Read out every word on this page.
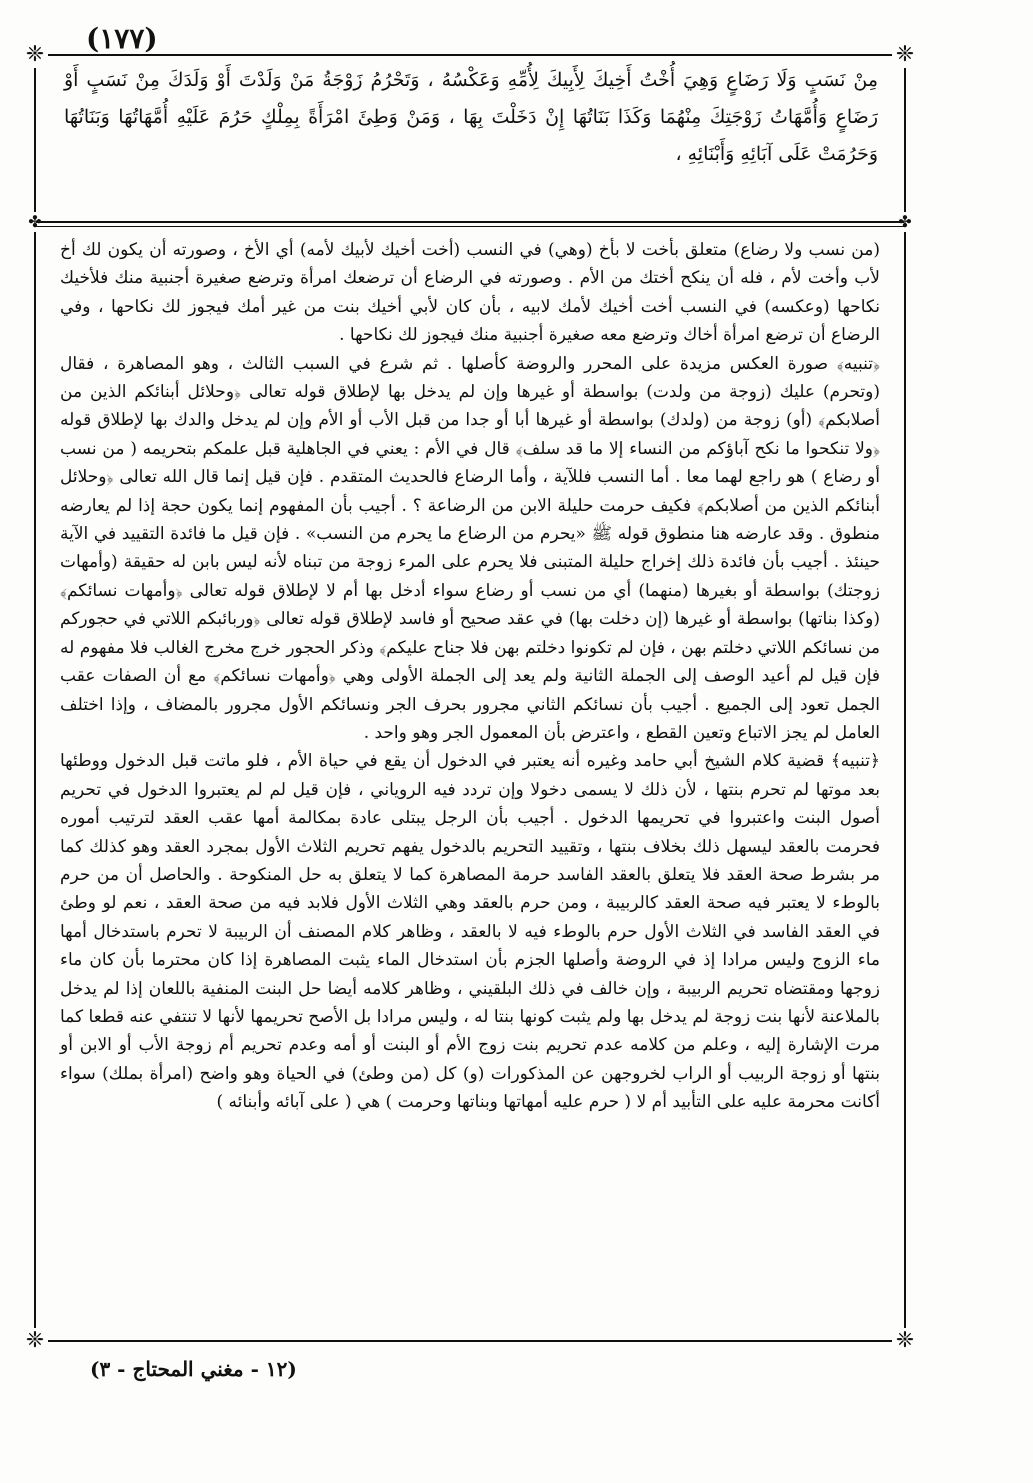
(١٧٧)
❈	❈
❈	❈
✤	✤
مِنْ نَسَبٍ وَلَا رَضَاعٍ وَهِيَ أُخْتُ أَخِيكَ لِأَبِيكَ لِأُمِّهِ وَعَكْسُهُ ، وَتَحْرُمُ زَوْجَةُ مَنْ وَلَدْتَ أَوْ وَلَدَكَ مِنْ نَسَبٍ أَوْ رَضَاعٍ وَأُمَّهَاتُ زَوْجَتِكَ مِنْهُمَا وَكَذَا بَنَاتُهَا إِنْ دَخَلْتَ بِهَا ، وَمَنْ وَطِئَ امْرَأَةً بِمِلْكٍ حَرُمَ عَلَيْهِ أُمَّهَاتُهَا وَبَنَاتُهَا وَحَرُمَتْ عَلَى آبَائِهِ وَأَبْنَائِهِ ،

(من نسب ولا رضاع) متعلق بأخت لا بأخ (وهي) في النسب (أخت أخيك لأبيك لأمه) أي الأخ ، وصورته أن يكون لك أخ لأب وأخت لأم ، فله أن ينكح أختك من الأم . وصورته في الرضاع أن ترضعك امرأة وترضع صغيرة أجنبية منك فلأخيك نكاحها (وعكسه) في النسب أخت أخيك لأمك لابيه ، بأن كان لأبي أخيك بنت من غير أمك فيجوز لك نكاحها ، وفي الرضاع أن ترضع امرأة أخاك وترضع معه صغيرة أجنبية منك فيجوز لك نكاحها .

﴿تنبيه﴾ صورة العكس مزيدة على المحرر والروضة كأصلها . ثم شرع في السبب الثالث ، وهو المصاهرة ، فقال (وتحرم) عليك (زوجة من ولدت) بواسطة أو غيرها وإن لم يدخل بها لإطلاق قوله تعالى ﴿وحلائل أبنائكم الذين من أصلابكم﴾ (أو) زوجة من (ولدك) بواسطة أو غيرها أبا أو جدا من قبل الأب أو الأم وإن لم يدخل والدك بها لإطلاق قوله ﴿ولا تنكحوا ما نكح آباؤكم من النساء إلا ما قد سلف﴾ قال في الأم : يعني في الجاهلية قبل علمكم بتحريمه ( من نسب أو رضاع ) هو راجع لهما معا . أما النسب فللآية ، وأما الرضاع فالحديث المتقدم . فإن قيل إنما قال الله تعالى ﴿وحلائل أبنائكم الذين من أصلابكم﴾ فكيف حرمت حليلة الابن من الرضاعة ؟ . أجيب بأن المفهوم إنما يكون حجة إذا لم يعارضه منطوق . وقد عارضه هنا منطوق قوله ﷺ «يحرم من الرضاع ما يحرم من النسب» . فإن قيل ما فائدة التقييد في الآية حينئذ . أجيب بأن فائدة ذلك إخراج حليلة المتبنى فلا يحرم على المرء زوجة من تبناه لأنه ليس بابن له حقيقة (وأمهات زوجتك) بواسطة أو بغيرها (منهما) أي من نسب أو رضاع سواء أدخل بها أم لا لإطلاق قوله تعالى ﴿وأمهات نسائكم﴾ (وكذا بناتها) بواسطة أو غيرها (إن دخلت بها) في عقد صحيح أو فاسد لإطلاق قوله تعالى ﴿وربائبكم اللاتي في حجوركم من نسائكم اللاتي دخلتم بهن ، فإن لم تكونوا دخلتم بهن فلا جناح عليكم﴾ وذكر الحجور خرج مخرج الغالب فلا مفهوم له فإن قيل لم أعيد الوصف إلى الجملة الثانية ولم يعد إلى الجملة الأولى وهي ﴿وأمهات نسائكم﴾ مع أن الصفات عقب الجمل تعود إلى الجميع . أجيب بأن نسائكم الثاني مجرور بحرف الجر ونسائكم الأول مجرور بالمضاف ، وإذا اختلف العامل لم يجز الاتباع وتعين القطع ، واعترض بأن المعمول الجر وهو واحد .

﴿تنبيه﴾ قضية كلام الشيخ أبي حامد وغيره أنه يعتبر في الدخول أن يقع في حياة الأم ، فلو ماتت قبل الدخول ووطئها بعد موتها لم تحرم بنتها ، لأن ذلك لا يسمى دخولا وإن تردد فيه الروياني ، فإن قيل لم لم يعتبروا الدخول في تحريم أصول البنت واعتبروا في تحريمها الدخول . أجيب بأن الرجل يبتلى عادة بمكالمة أمها عقب العقد لترتيب أموره فحرمت بالعقد ليسهل ذلك بخلاف بنتها ، وتقييد التحريم بالدخول يفهم تحريم الثلاث الأول بمجرد العقد وهو كذلك كما مر بشرط صحة العقد فلا يتعلق بالعقد الفاسد حرمة المصاهرة كما لا يتعلق به حل المنكوحة . والحاصل أن من حرم بالوطء لا يعتبر فيه صحة العقد كالربيبة ، ومن حرم بالعقد وهي الثلاث الأول فلابد فيه من صحة العقد ، نعم لو وطئ في العقد الفاسد في الثلاث الأول حرم بالوطء فيه لا بالعقد ، وظاهر كلام المصنف أن الربيبة لا تحرم باستدخال أمها ماء الزوج وليس مرادا إذ في الروضة وأصلها الجزم بأن استدخال الماء يثبت المصاهرة إذا كان محترما بأن كان ماء زوجها ومقتضاه تحريم الربيبة ، وإن خالف في ذلك البلقيني ، وظاهر كلامه أيضا حل البنت المنفية باللعان إذا لم يدخل بالملاعنة لأنها بنت زوجة لم يدخل بها ولم يثبت كونها بنتا له ، وليس مرادا بل الأصح تحريمها لأنها لا تنتفي عنه قطعا كما مرت الإشارة إليه ، وعلم من كلامه عدم تحريم بنت زوج الأم أو البنت أو أمه وعدم تحريم أم زوجة الأب أو الابن أو بنتها أو زوجة الربيب أو الراب لخروجهن عن المذكورات (و) كل (من وطئ) في الحياة وهو واضح (امرأة بملك) سواء أكانت محرمة عليه على التأبيد أم لا ( حرم عليه أمهاتها وبناتها وحرمت ) هي ( على آبائه وأبنائه )

(١٢ - مغني المحتاج - ٣)
